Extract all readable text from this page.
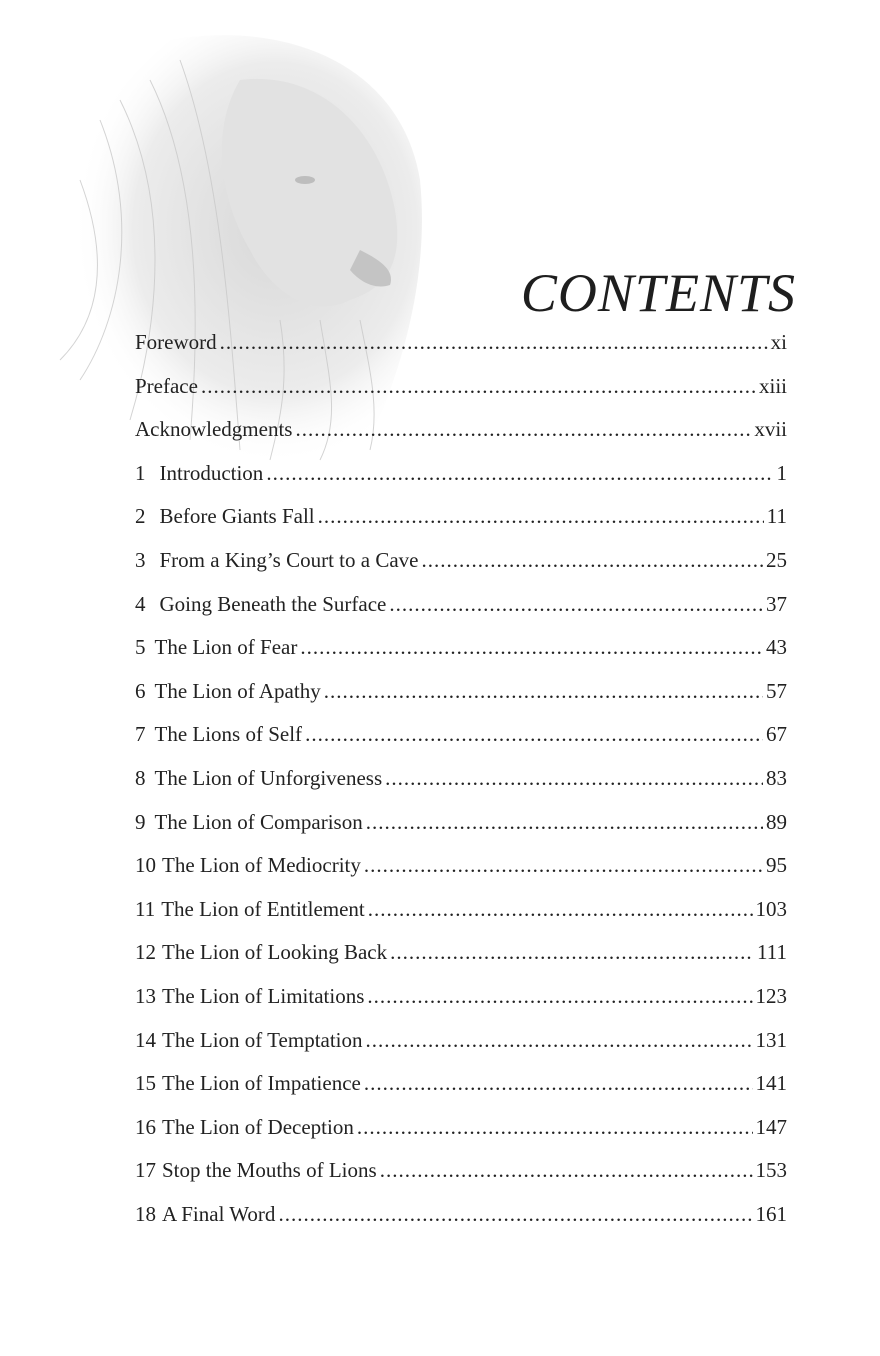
CONTENTS
Foreword .....	xi
Preface .....	xiii
Acknowledgments .....	xvii
1 Introduction .....	1
2 Before Giants Fall .....	11
3 From a King’s Court to a Cave .....	25
4 Going Beneath the Surface .....	37
5 The Lion of Fear .....	43
6 The Lion of Apathy .....	57
7 The Lions of Self .....	67
8 The Lion of Unforgiveness .....	83
9 The Lion of Comparison .....	89
10 The Lion of Mediocrity .....	95
11 The Lion of Entitlement .....	103
12 The Lion of Looking Back .....	111
13 The Lion of Limitations .....	123
14 The Lion of Temptation .....	131
15 The Lion of Impatience .....	141
16 The Lion of Deception .....	147
17 Stop the Mouths of Lions .....	153
18 A Final Word .....	161
